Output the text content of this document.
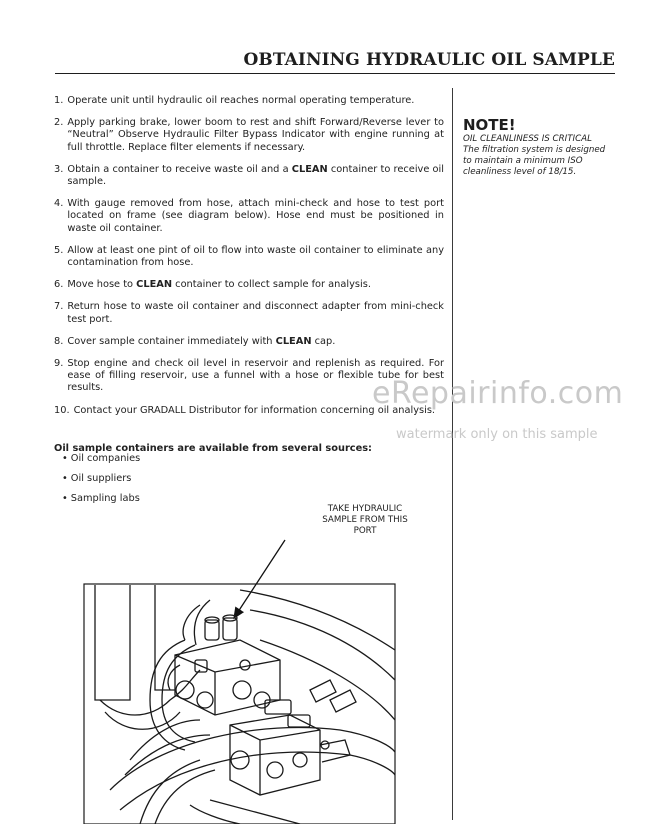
OBTAINING HYDRAULIC OIL SAMPLE
1. Operate unit until hydraulic oil reaches normal operating temperature.
2. Apply parking brake, lower boom to rest and shift Forward/Reverse lever to “Neutral” Observe Hydraulic Filter Bypass Indicator with engine running at full throttle. Replace filter elements if necessary.
3. Obtain a container to receive waste oil and a CLEAN container to receive oil sample.
4. With gauge removed from hose, attach mini-check and hose to test port located on frame (see diagram below). Hose end must be positioned in waste oil container.
5. Allow at least one pint of oil to flow into waste oil container to eliminate any contamination from hose.
6. Move hose to CLEAN container to collect sample for analysis.
7. Return hose to waste oil container and disconnect adapter from mini-check test port.
8. Cover sample container immediately with CLEAN cap.
9. Stop engine and check oil level in reservoir and replenish as required. For ease of filling reservoir, use a funnel with a hose or flexible tube for best results.
10. Contact your GRADALL Distributor for information concerning oil analysis.
Oil sample containers are available from several sources:
• Oil companies
• Oil suppliers
• Sampling labs
NOTE!
OIL CLEANLINESS IS CRITICAL
The filtration system is designed
to maintain a minimum ISO
cleanliness level of 18/15.
eRepairinfo.com
watermark only on this sample
TAKE HYDRAULIC
SAMPLE FROM THIS
PORT
